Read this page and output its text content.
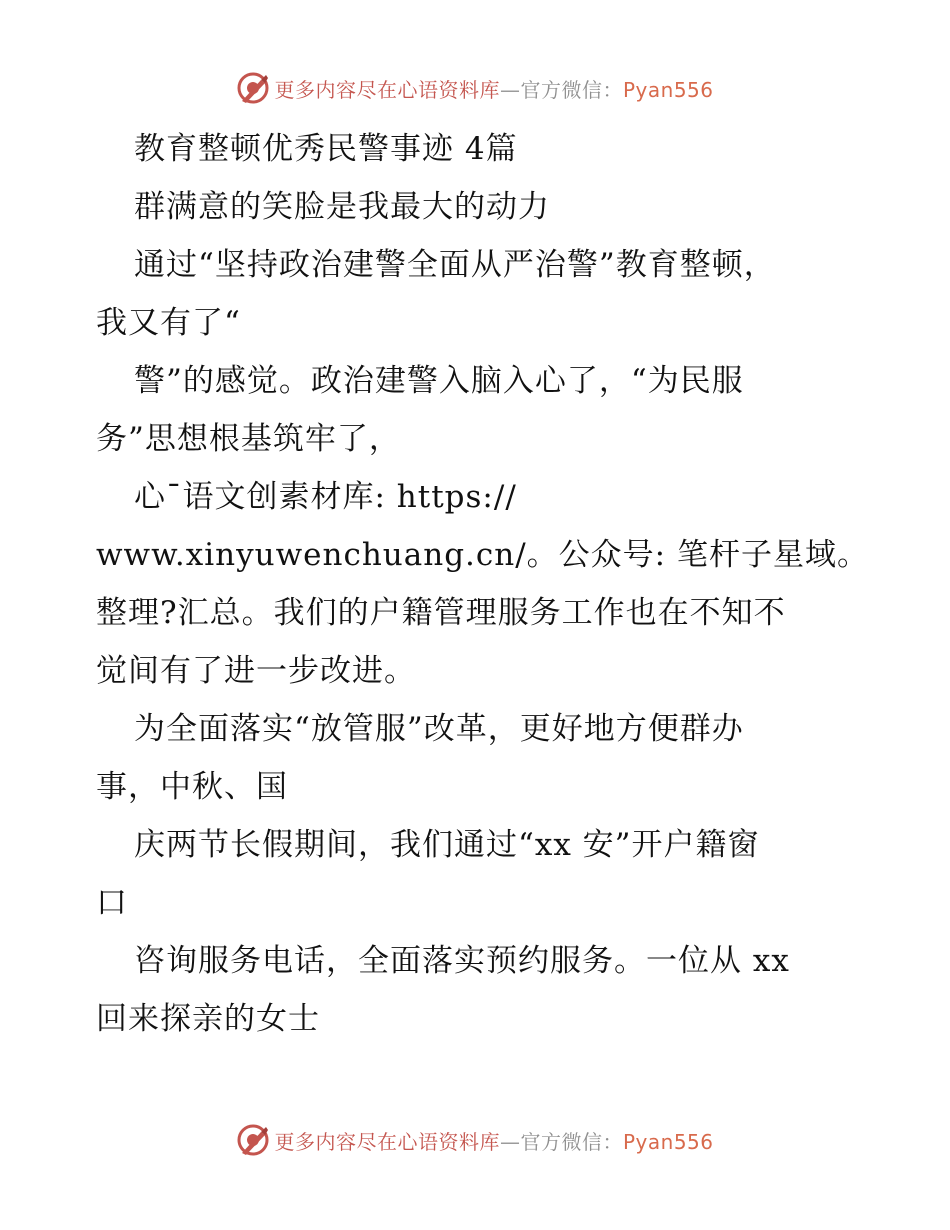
更多内容尽在心语资料库—官方微信：Pyan556
教育整顿优秀民警事迹 4篇
群满意的笑脸是我最大的动力
通过“坚持政治建警全面从严治警”教育整顿，
我又有了“
警”的感觉。政治建警入脑入心了，“为民服
务”思想根基筑牢了，
心¯语文创素材库: https://
www.xinyuwenchuang.cn/。公众号: 笔杆子星域。
整理?汇总。我们的户籍管理服务工作也在不知不
觉间有了进一步改进。
为全面落实“放管服”改革，更好地方便群办
事，中秋、国
庆两节长假期间，我们通过“xx 安”开户籍窗
口
咨询服务电话，全面落实预约服务。一位从 xx
回来探亲的女士
更多内容尽在心语资料库—官方微信：Pyan556
